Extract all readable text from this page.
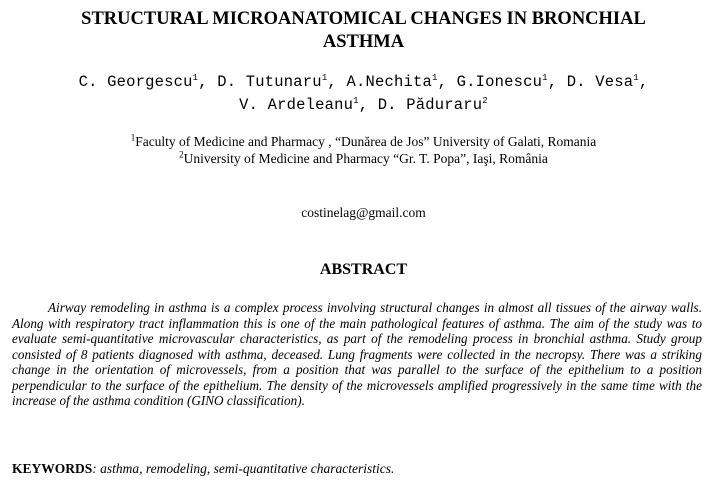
STRUCTURAL MICROANATOMICAL CHANGES IN BRONCHIAL
ASTHMA
C. Georgescu$^1$, D. Tutunaru$^1$, A.Nechita$^1$, G.Ionescu$^1$, D. Vesa$^1$,
V. Ardeleanu$^1$, D. Păduraru$^2$
$^1$Faculty of Medicine and Pharmacy , “Dunărea de Jos” University of Galati, Romania
$^2$University of Medicine and Pharmacy “Gr. T. Popa”, Iaşi, România
costinelag@gmail.com
ABSTRACT

Airway remodeling in asthma is a complex process involving structural changes in almost all tissues of the airway walls. Along with respiratory tract inflammation this is one of the main pathological features of asthma. The aim of the study was to evaluate semi-quantitative microvascular characteristics, as part of the remodeling process in bronchial asthma. Study group consisted of 8 patients diagnosed with asthma, deceased. Lung fragments were collected in the necropsy. There was a striking change in the orientation of microvessels, from a position that was parallel to the surface of the epithelium to a position perpendicular to the surface of the epithelium. The density of the microvessels amplified progressively in the same time with the increase of the asthma condition (GINO classification).

KEYWORDS: asthma, remodeling, semi-quantitative characteristics.
